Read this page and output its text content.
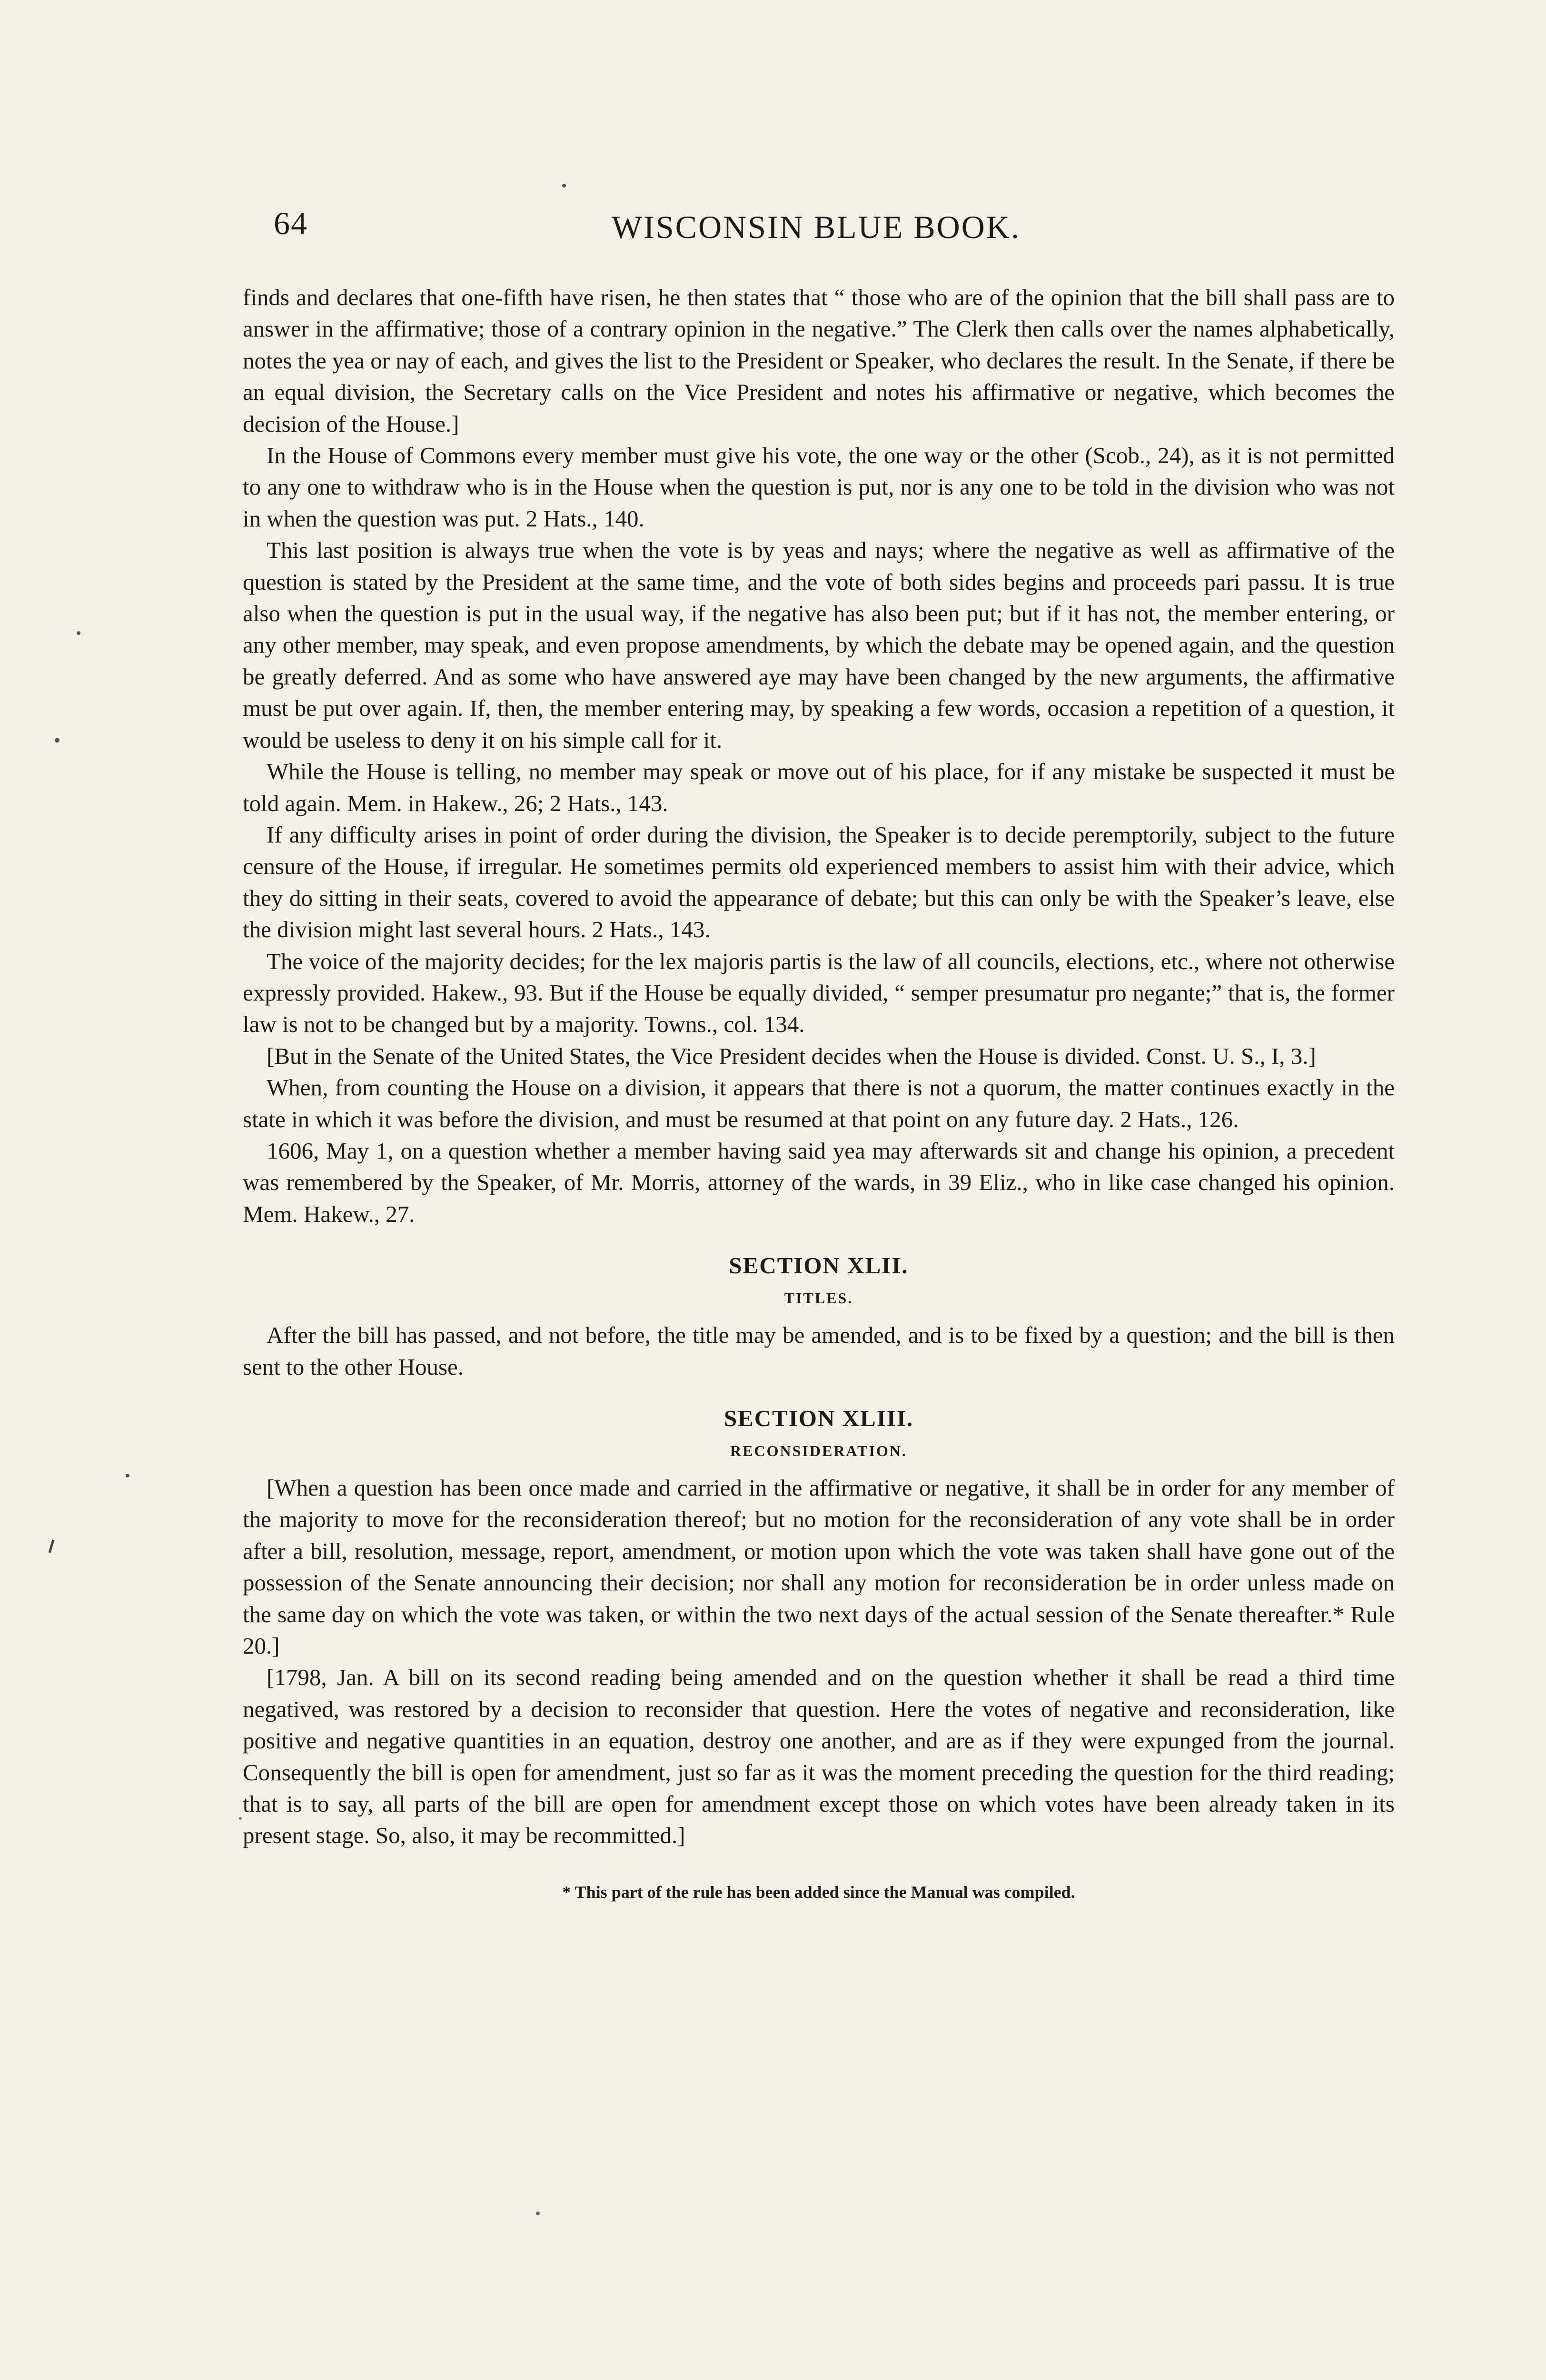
64	WISCONSIN BLUE BOOK.

finds and declares that one-fifth have risen, he then states that “ those who are of the opinion that the bill shall pass are to answer in the affirmative; those of a contrary opinion in the negative.” The Clerk then calls over the names alphabetically, notes the yea or nay of each, and gives the list to the President or Speaker, who declares the result. In the Senate, if there be an equal division, the Secretary calls on the Vice President and notes his affirmative or negative, which becomes the decision of the House.]

In the House of Commons every member must give his vote, the one way or the other (Scob., 24), as it is not permitted to any one to withdraw who is in the House when the question is put, nor is any one to be told in the division who was not in when the question was put. 2 Hats., 140.

This last position is always true when the vote is by yeas and nays; where the negative as well as affirmative of the question is stated by the President at the same time, and the vote of both sides begins and proceeds pari passu. It is true also when the question is put in the usual way, if the negative has also been put; but if it has not, the member entering, or any other member, may speak, and even propose amendments, by which the debate may be opened again, and the question be greatly deferred. And as some who have answered aye may have been changed by the new arguments, the affirmative must be put over again. If, then, the member entering may, by speaking a few words, occasion a repetition of a question, it would be useless to deny it on his simple call for it.

While the House is telling, no member may speak or move out of his place, for if any mistake be suspected it must be told again. Mem. in Hakew., 26; 2 Hats., 143.

If any difficulty arises in point of order during the division, the Speaker is to decide peremptorily, subject to the future censure of the House, if irregular. He sometimes permits old experienced members to assist him with their advice, which they do sitting in their seats, covered to avoid the appearance of debate; but this can only be with the Speaker’s leave, else the division might last several hours. 2 Hats., 143.

The voice of the majority decides; for the lex majoris partis is the law of all councils, elections, etc., where not otherwise expressly provided. Hakew., 93. But if the House be equally divided, “ semper presumatur pro negante;” that is, the former law is not to be changed but by a majority. Towns., col. 134.

[But in the Senate of the United States, the Vice President decides when the House is divided. Const. U. S., I, 3.]

When, from counting the House on a division, it appears that there is not a quorum, the matter continues exactly in the state in which it was before the division, and must be resumed at that point on any future day. 2 Hats., 126.

1606, May 1, on a question whether a member having said yea may afterwards sit and change his opinion, a precedent was remembered by the Speaker, of Mr. Morris, attorney of the wards, in 39 Eliz., who in like case changed his opinion. Mem. Hakew., 27.

SECTION XLII.
TITLES.

After the bill has passed, and not before, the title may be amended, and is to be fixed by a question; and the bill is then sent to the other House.

SECTION XLIII.
RECONSIDERATION.

[When a question has been once made and carried in the affirmative or negative, it shall be in order for any member of the majority to move for the reconsideration thereof; but no motion for the reconsideration of any vote shall be in order after a bill, resolution, message, report, amendment, or motion upon which the vote was taken shall have gone out of the possession of the Senate announcing their decision; nor shall any motion for reconsideration be in order unless made on the same day on which the vote was taken, or within the two next days of the actual session of the Senate thereafter.* Rule 20.]

[1798, Jan. A bill on its second reading being amended and on the question whether it shall be read a third time negatived, was restored by a decision to reconsider that question. Here the votes of negative and reconsideration, like positive and negative quantities in an equation, destroy one another, and are as if they were expunged from the journal. Consequently the bill is open for amendment, just so far as it was the moment preceding the question for the third reading; that is to say, all parts of the bill are open for amendment except those on which votes have been already taken in its present stage. So, also, it may be recommitted.]

* This part of the rule has been added since the Manual was compiled.
